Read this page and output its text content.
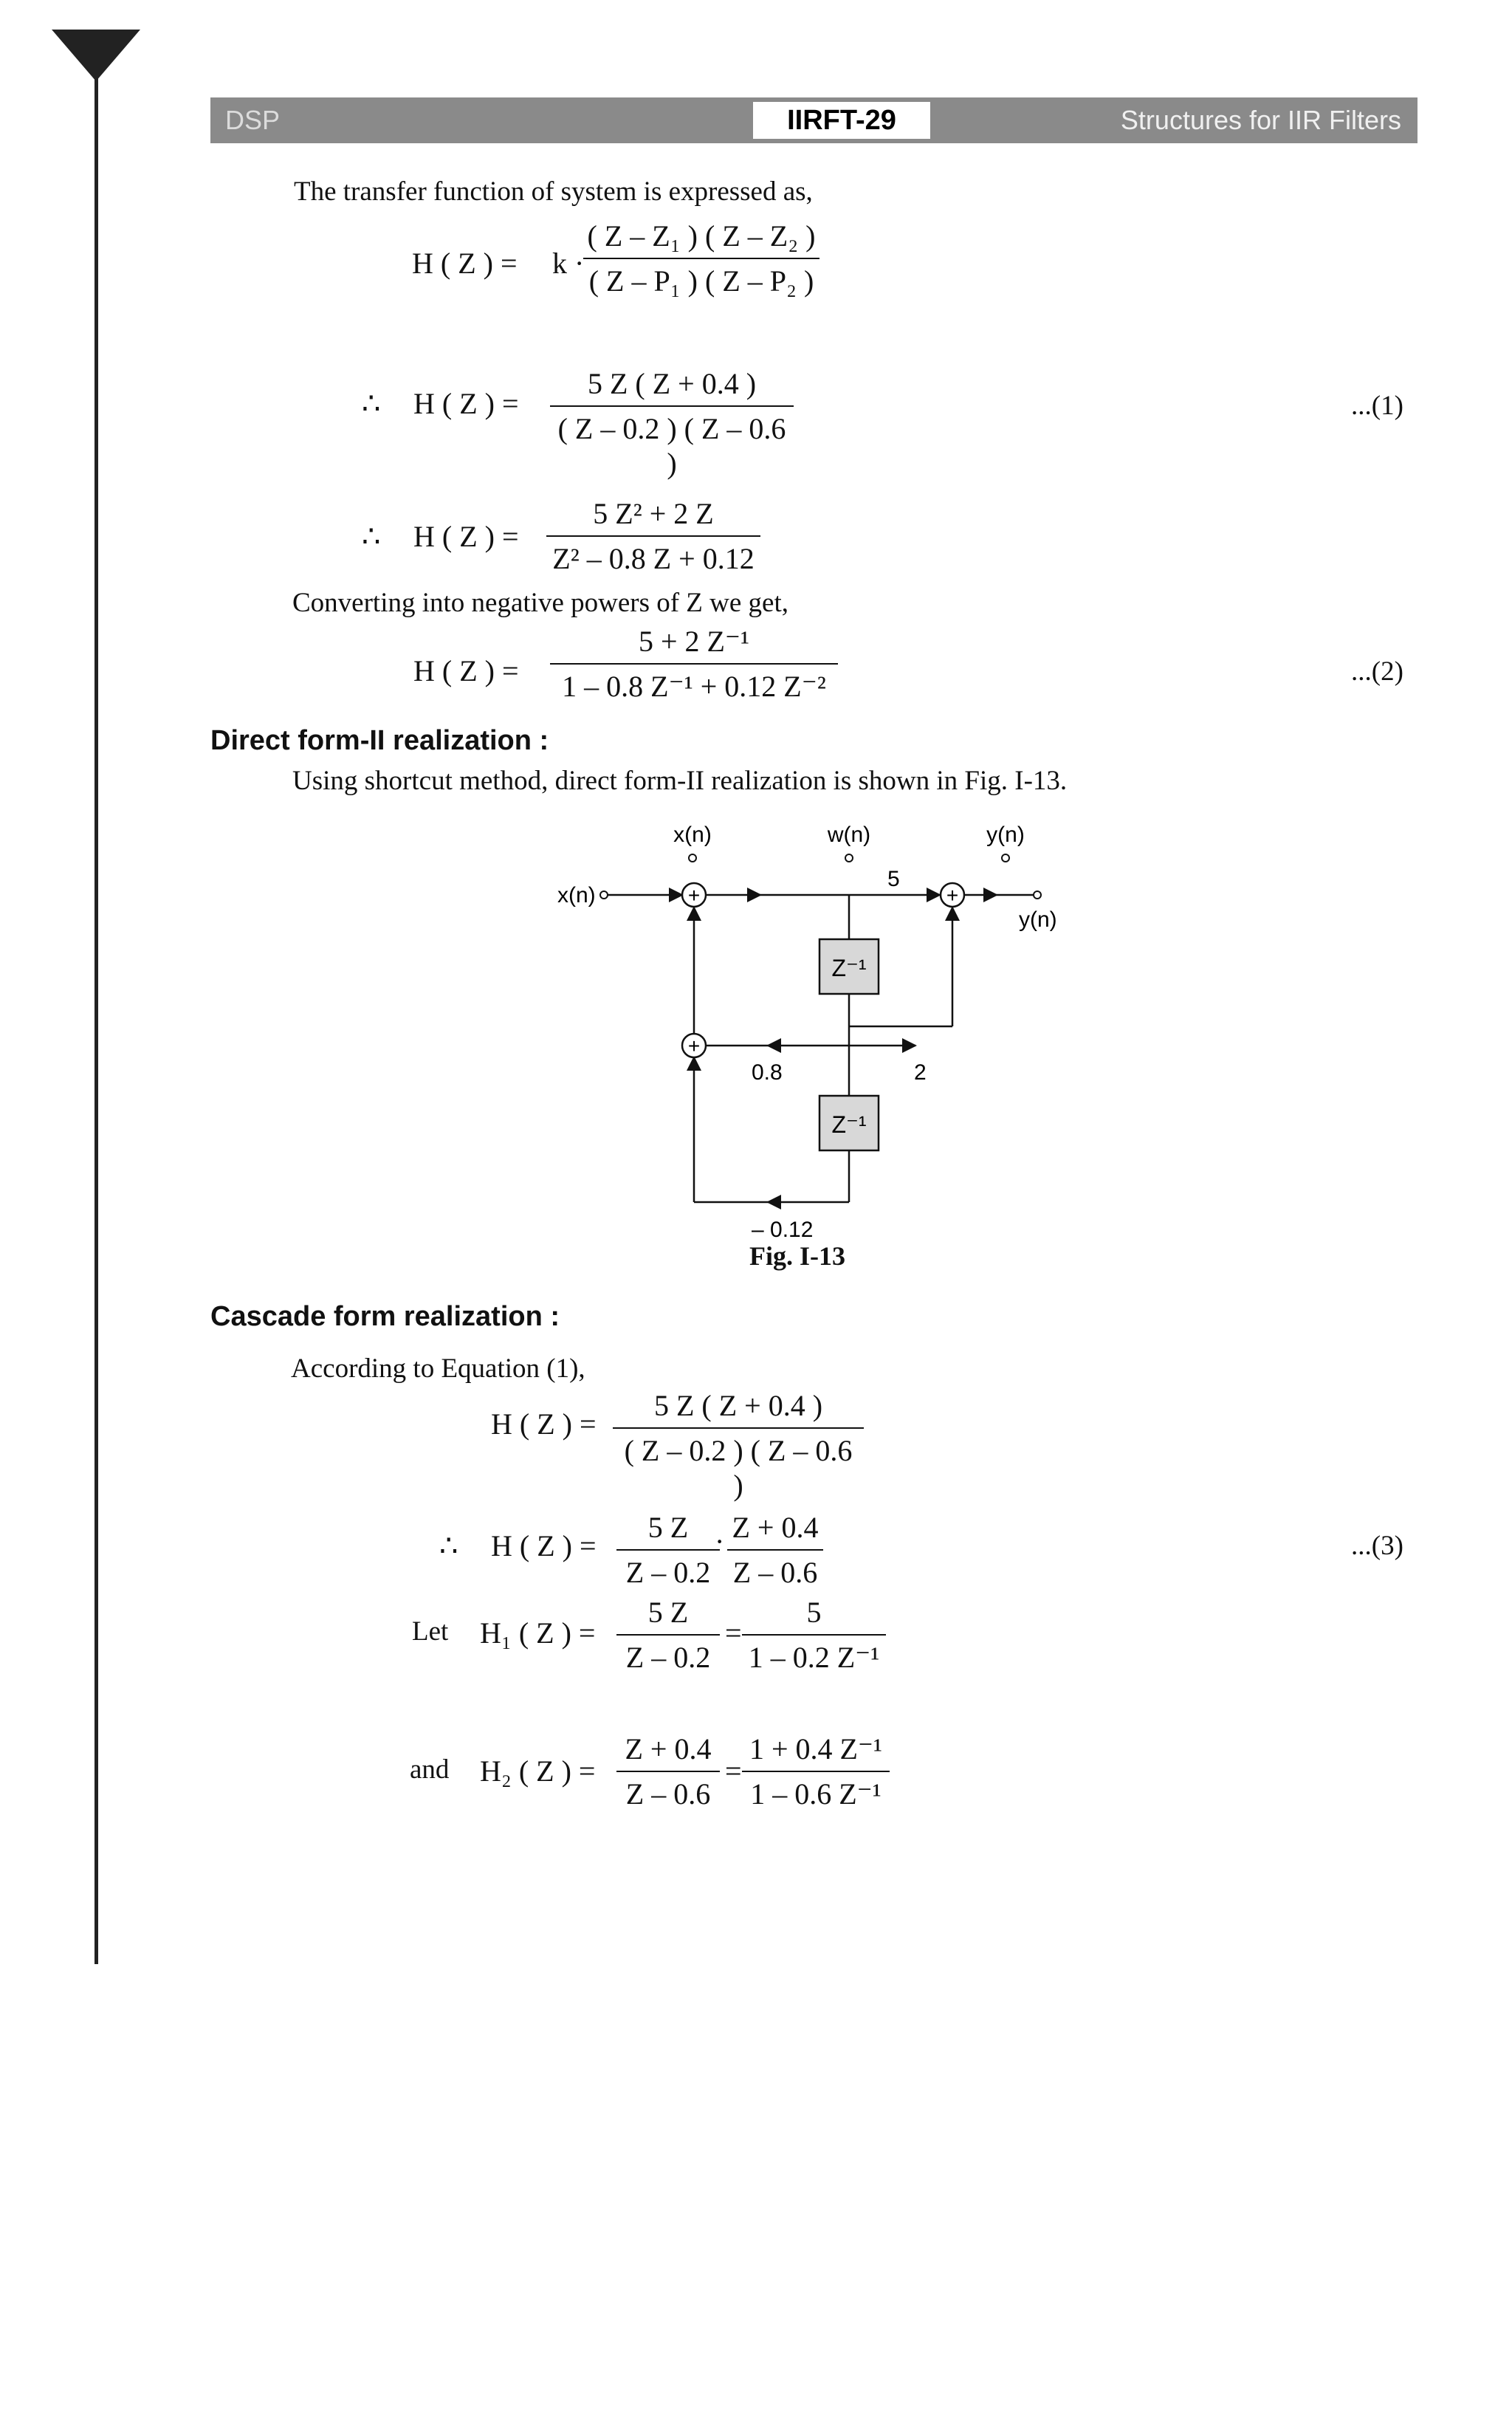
DSP	IIRFT-29	Structures for IIR Filters
The transfer function of system is expressed as,
H ( Z ) = k ·
( Z – Z₁ ) ( Z – Z₂ )
( Z – P₁ ) ( Z – P₂ )
∴ H ( Z ) =
5 Z ( Z + 0.4 )
( Z – 0.2 ) ( Z – 0.6 )
...(1)
∴ H ( Z ) =
5 Z² + 2 Z
Z² – 0.8 Z + 0.12
Converting into negative powers of Z we get,
H ( Z ) =
5 + 2 Z⁻¹
1 – 0.8 Z⁻¹ + 0.12 Z⁻²	...(2)
Direct form-II realization :
Using shortcut method, direct form-II realization is shown in Fig. I-13.
x(n)	w(n)	y(n)
x(n)	+
5
+
y(n)
Z⁻¹
Z⁻¹
– 0.12
+
0.8	2
Fig. I-13
Cascade form realization :
According to Equation (1),
H ( Z ) =
5 Z ( Z + 0.4 )
( Z – 0.2 ) ( Z – 0.6 )
∴ H ( Z ) =
5 Z
Z – 0.2
· Z + 0.4
Z – 0.6
...(3)
Let H₁ ( Z ) =
5 Z
Z – 0.2
=
5
1 – 0.2 Z⁻¹
and H₂ ( Z ) =
Z + 0.4
Z – 0.6
=
1 + 0.4 Z⁻¹
1 – 0.6 Z⁻¹
